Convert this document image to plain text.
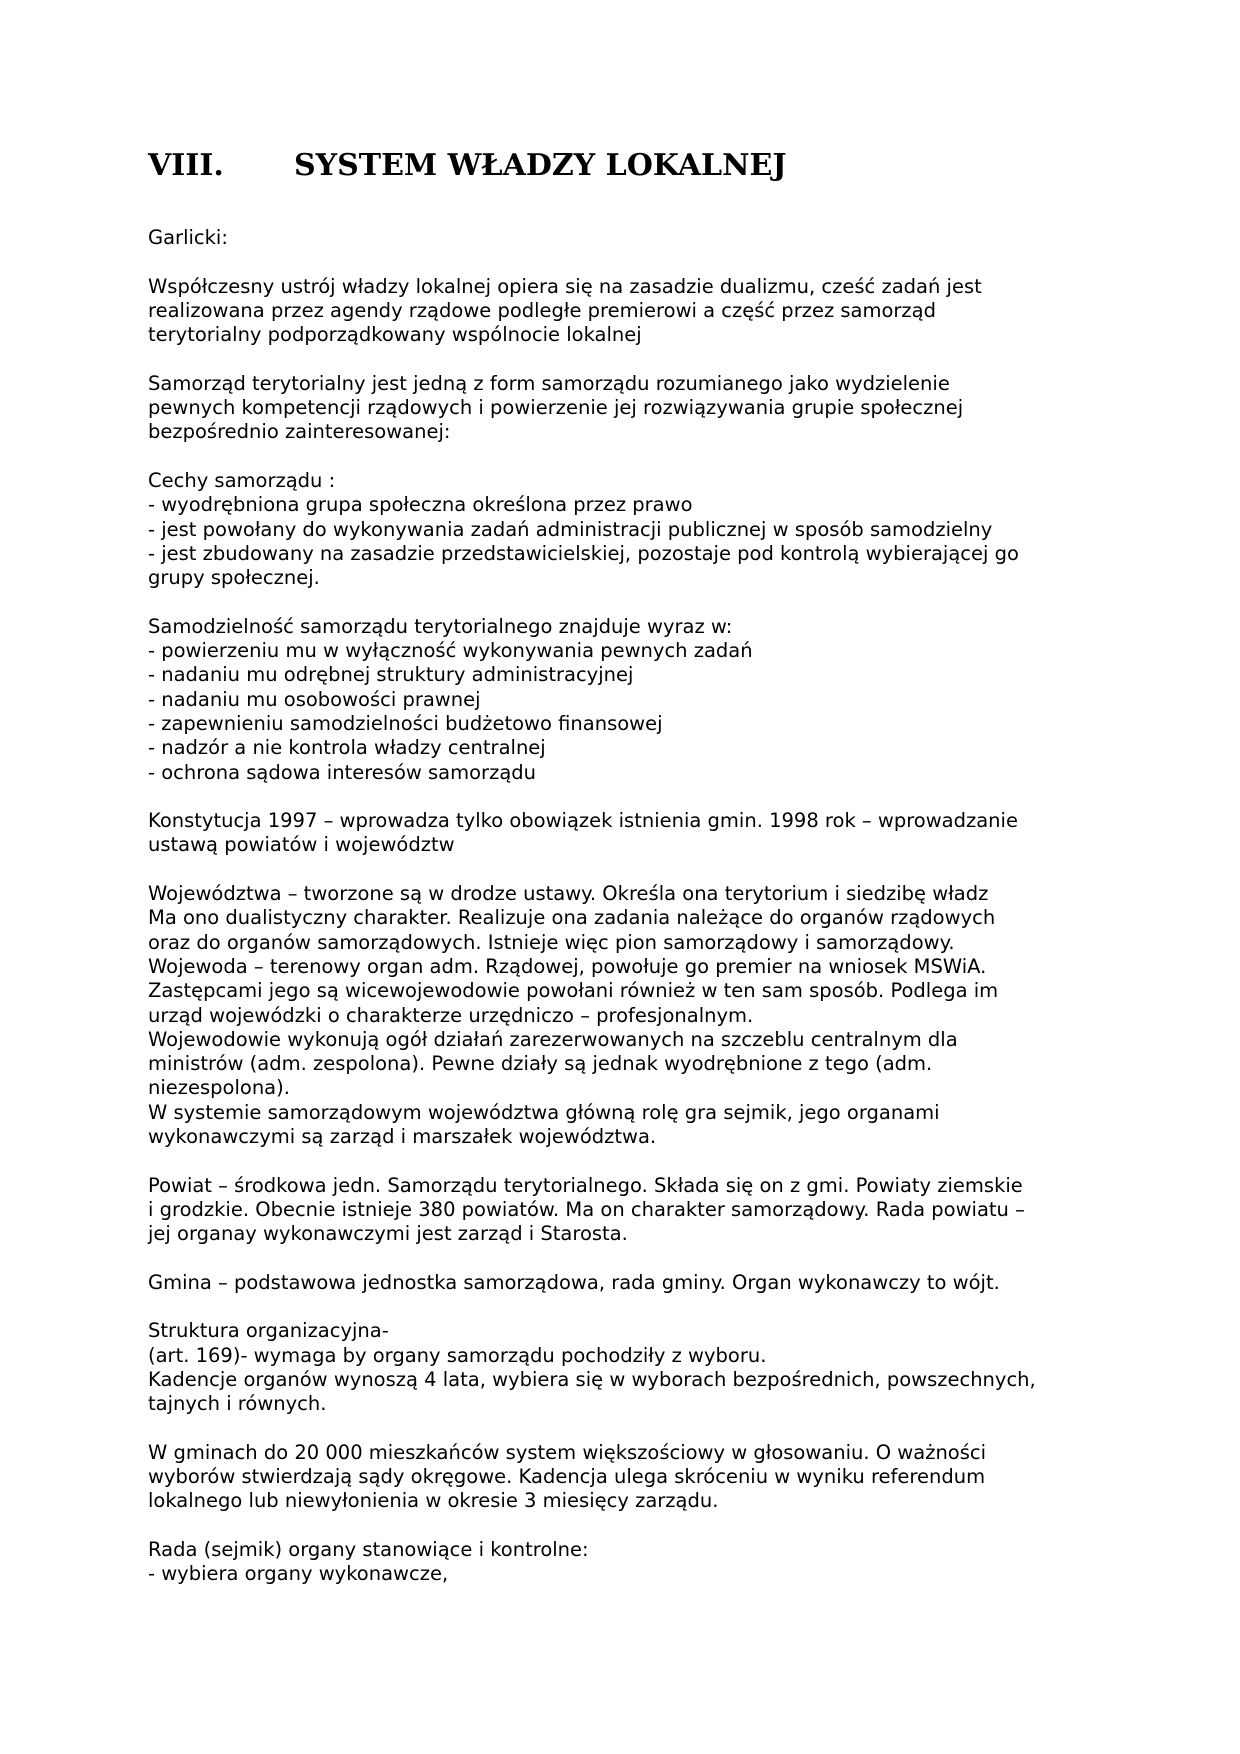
VIII. SYSTEM WŁADZY LOKALNEJ
Garlicki:
Współczesny ustrój władzy lokalnej opiera się na zasadzie dualizmu, cześć zadań jest
realizowana przez agendy rządowe podległe premierowi a część przez samorząd
terytorialny podporządkowany wspólnocie lokalnej
Samorząd terytorialny jest jedną z form samorządu rozumianego jako wydzielenie
pewnych kompetencji rządowych i powierzenie jej rozwiązywania grupie społecznej
bezpośrednio zainteresowanej:
Cechy samorządu :
- wyodrębniona grupa społeczna określona przez prawo
- jest powołany do wykonywania zadań administracji publicznej w sposób samodzielny
- jest zbudowany na zasadzie przedstawicielskiej, pozostaje pod kontrolą wybierającej go
grupy społecznej.
Samodzielność samorządu terytorialnego znajduje wyraz w:
- powierzeniu mu w wyłączność wykonywania pewnych zadań
- nadaniu mu odrębnej struktury administracyjnej
- nadaniu mu osobowości prawnej
- zapewnieniu samodzielności budżetowo finansowej
- nadzór a nie kontrola władzy centralnej
- ochrona sądowa interesów samorządu
Konstytucja 1997 – wprowadza tylko obowiązek istnienia gmin. 1998 rok – wprowadzanie
ustawą powiatów i województw
Województwa – tworzone są w drodze ustawy. Określa ona terytorium i siedzibę władz
Ma ono dualistyczny charakter. Realizuje ona zadania należące do organów rządowych
oraz do organów samorządowych. Istnieje więc pion samorządowy i samorządowy.
Wojewoda – terenowy organ adm. Rządowej, powołuje go premier na wniosek MSWiA.
Zastępcami jego są wicewojewodowie powołani również w ten sam sposób. Podlega im
urząd wojewódzki o charakterze urzędniczo – profesjonalnym.
Wojewodowie wykonują ogół działań zarezerwowanych na szczeblu centralnym dla
ministrów (adm. zespolona). Pewne działy są jednak wyodrębnione z tego (adm.
niezespolona).
W systemie samorządowym województwa główną rolę gra sejmik, jego organami
wykonawczymi są zarząd i marszałek województwa.
Powiat – środkowa jedn. Samorządu terytorialnego. Składa się on z gmi. Powiaty ziemskie
i grodzkie. Obecnie istnieje 380 powiatów. Ma on charakter samorządowy. Rada powiatu –
jej organay wykonawczymi jest zarząd i Starosta.
Gmina – podstawowa jednostka samorządowa, rada gminy. Organ wykonawczy to wójt.
Struktura organizacyjna-
(art. 169)- wymaga by organy samorządu pochodziły z wyboru.
Kadencje organów wynoszą 4 lata, wybiera się w wyborach bezpośrednich, powszechnych,
tajnych i równych.
W gminach do 20 000 mieszkańców system większościowy w głosowaniu. O ważności
wyborów stwierdzają sądy okręgowe. Kadencja ulega skróceniu w wyniku referendum
lokalnego lub niewyłonienia w okresie 3 miesięcy zarządu.
Rada (sejmik) organy stanowiące i kontrolne:
- wybiera organy wykonawcze,
